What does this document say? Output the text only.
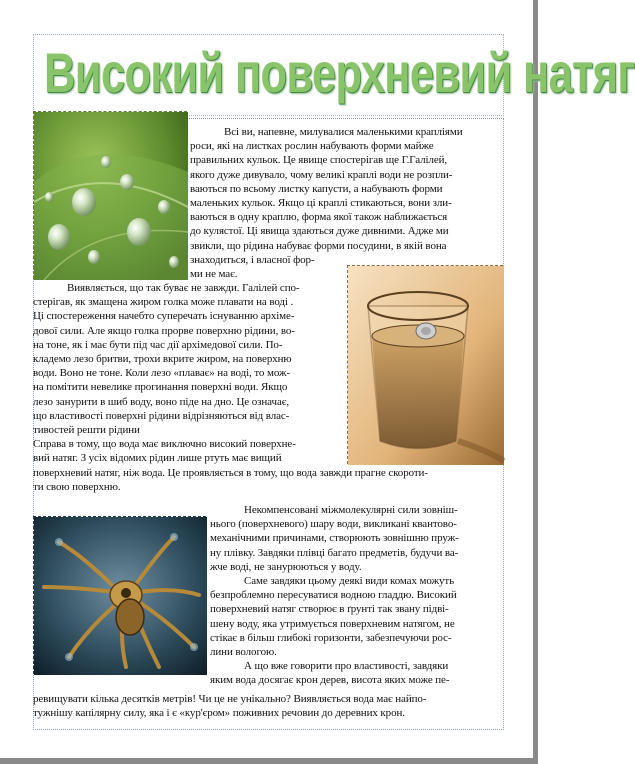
Високий поверхневий натяг
Всі ви, напевне, милувалися маленькими крапліями
роси, які на листках рослин набувають форми майже
правильних кульок. Це явище спостерігав ще Г.Галілей,
якого дуже дивувало, чому великі краплі води не розпли-
ваються по всьому листку капусти, а набувають форми
маленьких кульок. Якщо ці краплі стикаються, вони зли-
ваються в одну краплю, форма якої також наближається
до кулястої. Ці явища здаються дуже дивними. Адже ми
звикли, що рідина набуває форми посудини, в якій вона
знаходиться, і власної фор-
ми не має.
Виявляється, що так буває не завжди. Галілей спо-
стерігав, як змащена жиром голка може плавати на воді .
Ці спостереження начебто суперечать існуванню архіме-
дової сили. Але якщо голка прорве поверхню рідини, во-
на тоне, як і має бути під час дії архімедової сили. По-
кладемо лезо бритви, трохи вкрите жиром, на поверхню
води. Воно не тоне. Коли лезо «плаває» на воді, то мож-
на помітити невелике прогинання поверхні води. Якщо
лезо занурити в шиб воду, воно піде на дно. Це означає,
що властивості поверхні рідини відрізняються від влас-
тивостей решти рідини
Справа в тому, що вода має виключно високий поверхне-
вий натяг. З усіх відомих рідин лише ртуть має вищий
поверхневий натяг, ніж вода. Це проявляється в тому, що вода завжди прагне скороти-
ти свою поверхню.
Некомпенсовані міжмолекулярні сили зовніш-
нього (поверхневого) шару води, викликані квантово-
механічними причинами, створюють зовнішню пруж-
ну плівку. Завдяки плівці багато предметів, будучи ва-
жче воді, не занурюються у воду.
Саме завдяки цьому деякі види комах можуть
безпроблемно пересуватися водною гладдю. Високий
поверхневий натяг створює в ґрунті так звану підві-
шену воду, яка утримується поверхневим натягом, не
стікає в більш глибокі горизонти, забезпечуючи рос-
лини вологою.
А що вже говорити про властивості, завдяки
яким вода досягає крон дерев, висота яких може пе-
ревищувати кілька десятків метрів! Чи це не унікально? Виявляється вода має найпо-
тужнішу капілярну силу, яка і є «кур'єром» поживних речовин до деревних крон.
